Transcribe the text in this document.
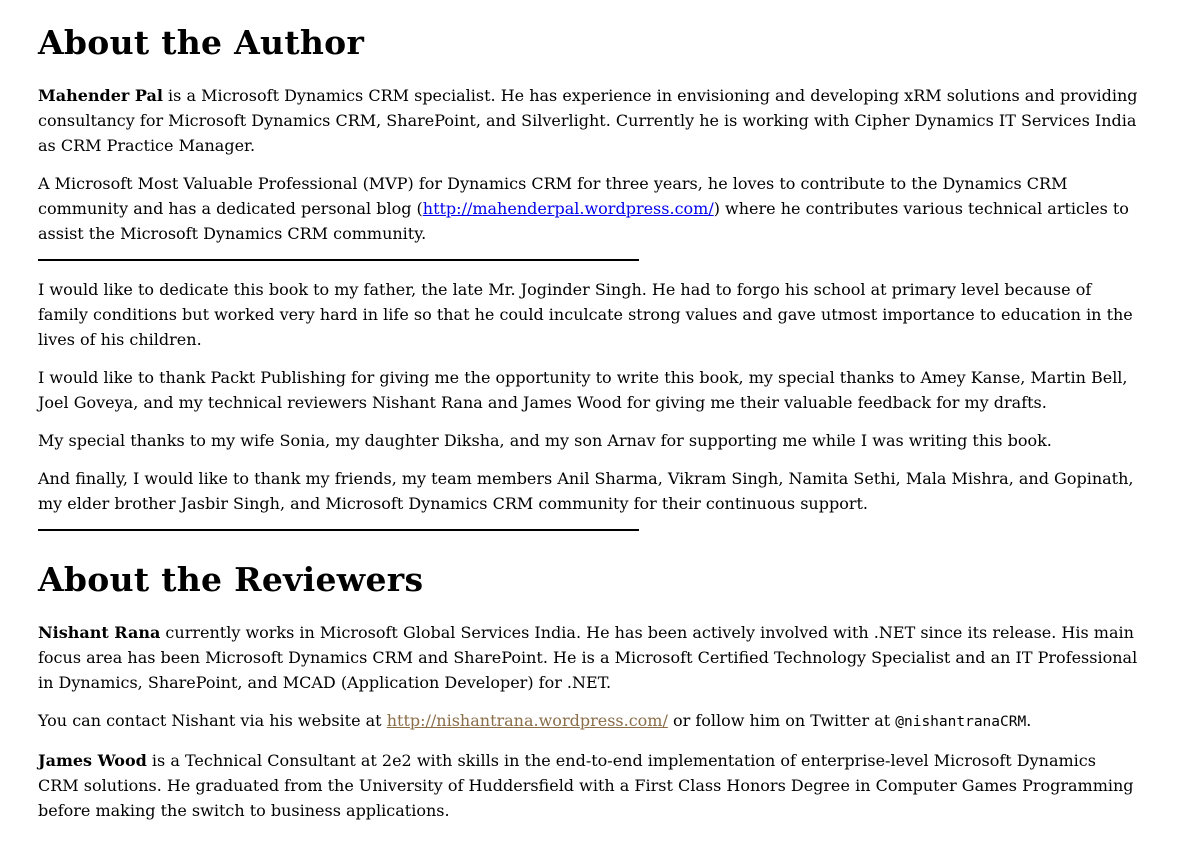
About the Author

Mahender Pal is a Microsoft Dynamics CRM specialist. He has experience in envisioning and developing xRM solutions and providing consultancy for Microsoft Dynamics CRM, SharePoint, and Silverlight. Currently he is working with Cipher Dynamics IT Services India as CRM Practice Manager.

A Microsoft Most Valuable Professional (MVP) for Dynamics CRM for three years, he loves to contribute to the Dynamics CRM community and has a dedicated personal blog (http://mahenderpal.wordpress.com/) where he contributes various technical articles to assist the Microsoft Dynamics CRM community.

I would like to dedicate this book to my father, the late Mr. Joginder Singh. He had to forgo his school at primary level because of family conditions but worked very hard in life so that he could inculcate strong values and gave utmost importance to education in the lives of his children.

I would like to thank Packt Publishing for giving me the opportunity to write this book, my special thanks to Amey Kanse, Martin Bell, Joel Goveya, and my technical reviewers Nishant Rana and James Wood for giving me their valuable feedback for my drafts.

My special thanks to my wife Sonia, my daughter Diksha, and my son Arnav for supporting me while I was writing this book.

And finally, I would like to thank my friends, my team members Anil Sharma, Vikram Singh, Namita Sethi, Mala Mishra, and Gopinath, my elder brother Jasbir Singh, and Microsoft Dynamics CRM community for their continuous support.

About the Reviewers

Nishant Rana currently works in Microsoft Global Services India. He has been actively involved with .NET since its release. His main focus area has been Microsoft Dynamics CRM and SharePoint. He is a Microsoft Certified Technology Specialist and an IT Professional in Dynamics, SharePoint, and MCAD (Application Developer) for .NET.

You can contact Nishant via his website at http://nishantrana.wordpress.com/ or follow him on Twitter at @nishantranaCRM.

James Wood is a Technical Consultant at 2e2 with skills in the end-to-end implementation of enterprise-level Microsoft Dynamics CRM solutions. He graduated from the University of Huddersfield with a First Class Honors Degree in Computer Games Programming before making the switch to business applications.
